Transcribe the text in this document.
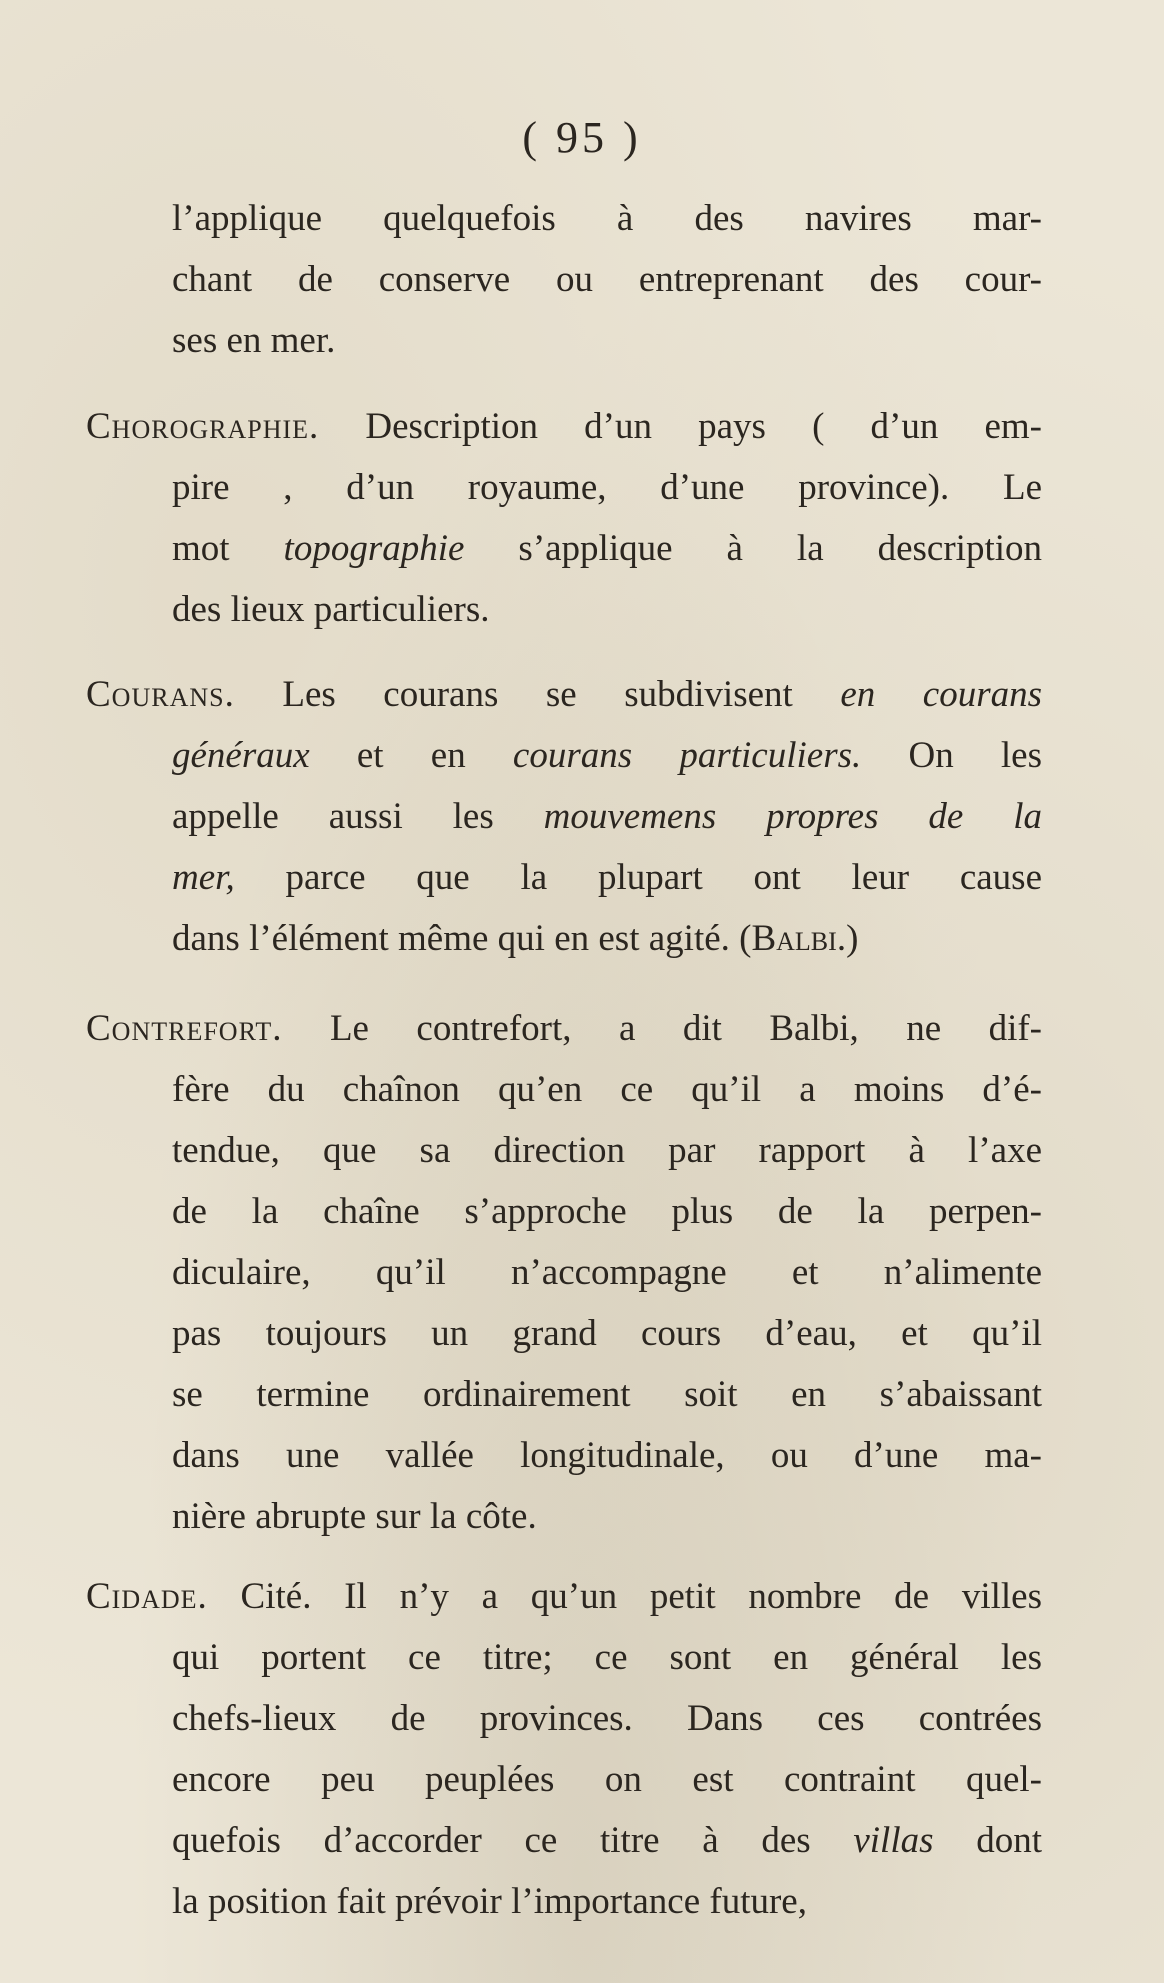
( 95 )
l’applique quelquefois à des navires mar-
chant de conserve ou entreprenant des cour-
ses en mer.
Chorographie. Description d’un pays ( d’un em-
pire , d’un royaume, d’une province). Le
mot topographie s’applique à la description
des lieux particuliers.
Courans. Les courans se subdivisent en courans
généraux et en courans particuliers. On les
appelle aussi les mouvemens propres de la
mer, parce que la plupart ont leur cause
dans l’élément même qui en est agité. (Balbi.)
Contrefort. Le contrefort, a dit Balbi, ne dif-
fère du chaînon qu’en ce qu’il a moins d’é-
tendue, que sa direction par rapport à l’axe
de la chaîne s’approche plus de la perpen-
diculaire, qu’il n’accompagne et n’alimente
pas toujours un grand cours d’eau, et qu’il
se termine ordinairement soit en s’abaissant
dans une vallée longitudinale, ou d’une ma-
nière abrupte sur la côte.
Cidade. Cité. Il n’y a qu’un petit nombre de villes
qui portent ce titre; ce sont en général les
chefs-lieux de provinces. Dans ces contrées
encore peu peuplées on est contraint quel-
quefois d’accorder ce titre à des villas dont
la position fait prévoir l’importance future,
